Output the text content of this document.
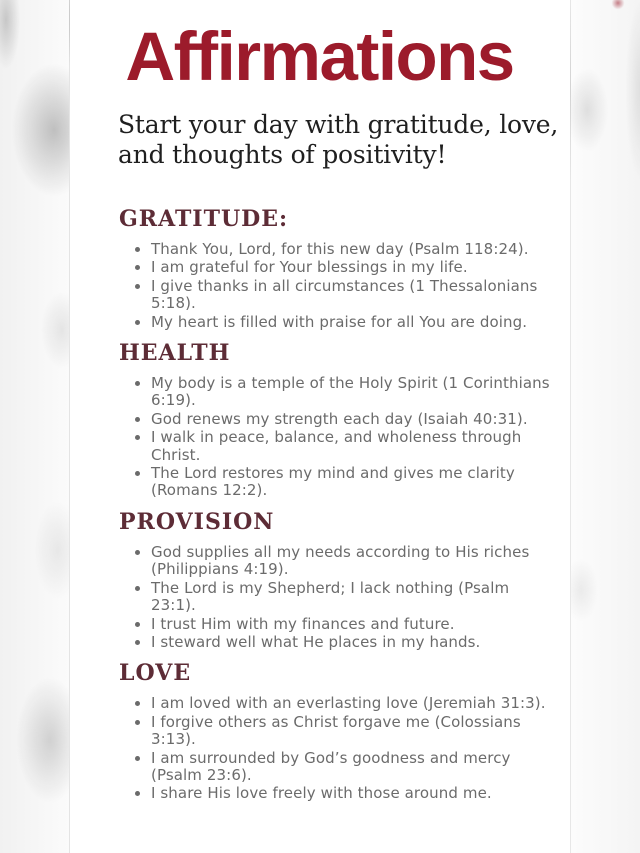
Affirmations

Start your day with gratitude, love,
and thoughts of positivity!

GRATITUDE:
Thank You, Lord, for this new day (Psalm 118:24).
I am grateful for Your blessings in my life.
I give thanks in all circumstances (1 Thessalonians 5:18).
My heart is filled with praise for all You are doing.
HEALTH
My body is a temple of the Holy Spirit (1 Corinthians 6:19).
God renews my strength each day (Isaiah 40:31).
I walk in peace, balance, and wholeness through Christ.
The Lord restores my mind and gives me clarity (Romans 12:2).
PROVISION
God supplies all my needs according to His riches (Philippians 4:19).
The Lord is my Shepherd; I lack nothing (Psalm 23:1).
I trust Him with my finances and future.
I steward well what He places in my hands.
LOVE
I am loved with an everlasting love (Jeremiah 31:3).
I forgive others as Christ forgave me (Colossians 3:13).
I am surrounded by God’s goodness and mercy (Psalm 23:6).
I share His love freely with those around me.
